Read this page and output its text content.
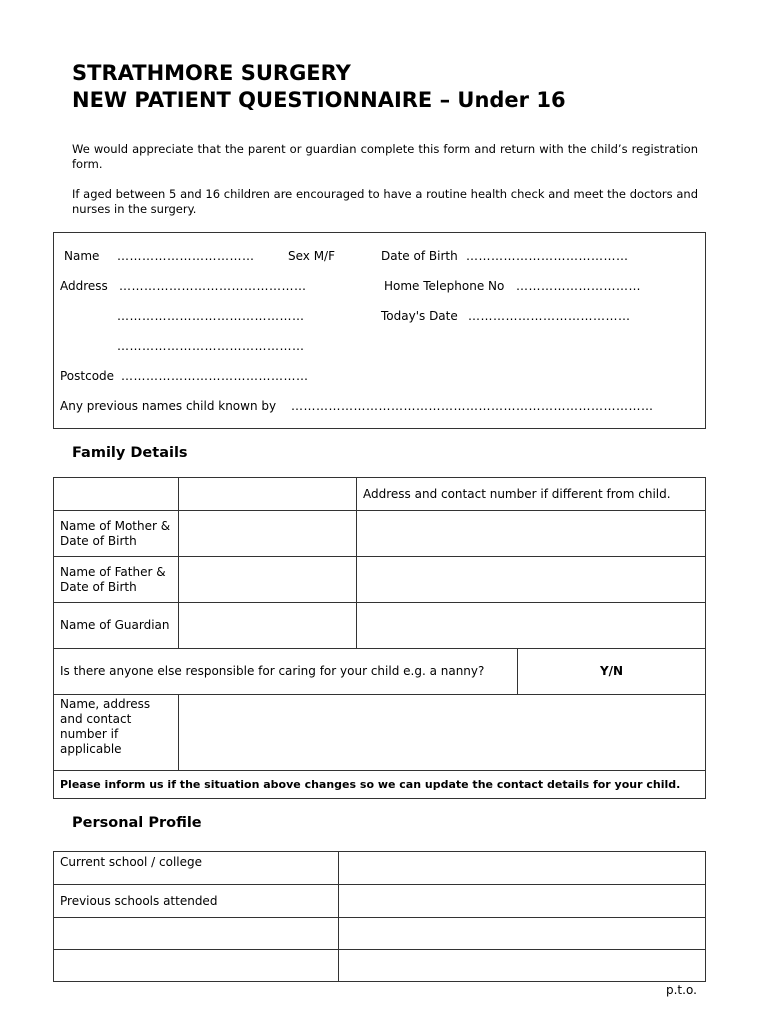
STRATHMORE SURGERY
NEW PATIENT QUESTIONNAIRE – Under 16
We would appreciate that the parent or guardian complete this form and return with the child’s registration form.
If aged between 5 and 16 children are encouraged to have a routine health check and meet the doctors and nurses in the surgery.
Name ……………………………	Sex M/F	Date of Birth …………………………………
Address ………………………………………	Home Telephone No …………………………
………………………………………	Today's Date …………………………………
………………………………………
Postcode ………………………………………
Any previous names child known by ……………………………………………………………………………
Family Details
		Address and contact number if different from child.	
Name of Mother & Date of Birth			
Name of Father & Date of Birth			
Name of Guardian			
Is there anyone else responsible for caring for your child e.g. a nanny?			Y/N
Name, address and contact number if applicable			
Please inform us if the situation above changes so we can update the contact details for your child.			
Personal Profile
Current school / college	
Previous schools attended	

p.t.o.
